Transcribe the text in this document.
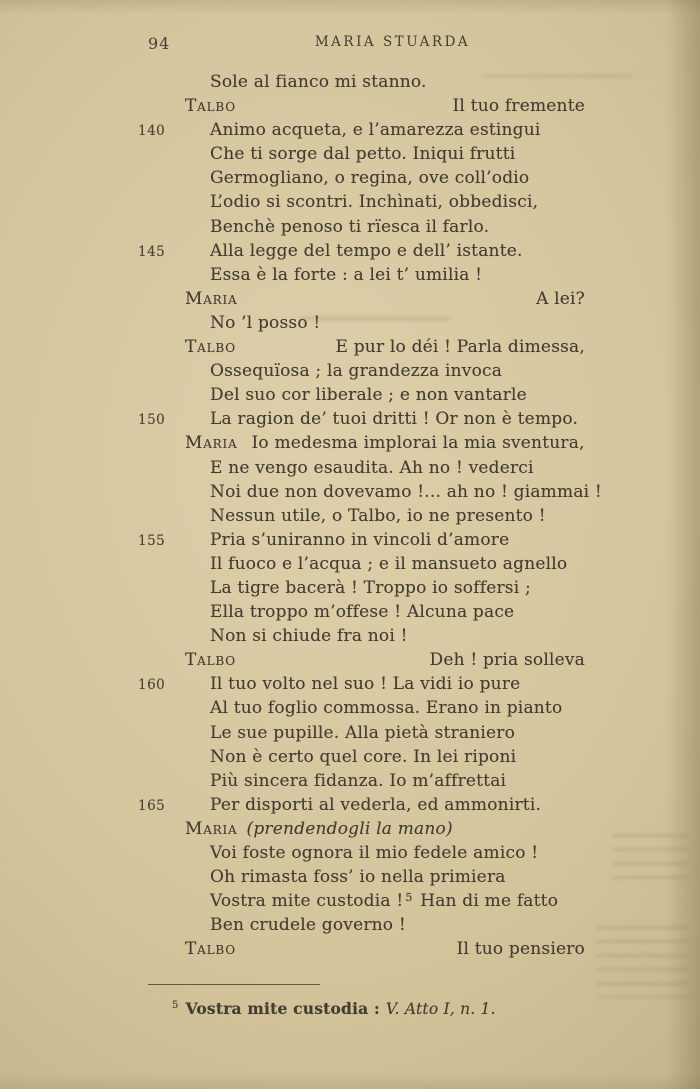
94	MARIA STUARDA
Sole al fianco mi stanno.
Talbo	Il tuo fremente
140	Animo acqueta, e l’amarezza estingui
Che ti sorge dal petto. Iniqui frutti
Germogliano, o regina, ove coll’odio
L’odio si scontri. Inchìnati, obbedisci,
Benchè penoso ti rïesca il farlo.
145	Alla legge del tempo e dell’ istante.
Essa è la forte : a lei t’ umilia !
Maria	A lei?
No ’l posso !
Talbo	E pur lo déi ! Parla dimessa,
Ossequïosa ; la grandezza invoca
Del suo cor liberale ; e non vantarle
150	La ragion de’ tuoi dritti ! Or non è tempo.
Maria Io medesma implorai la mia sventura,
E ne vengo esaudita. Ah no ! vederci
Noi due non dovevamo !... ah no ! giammai !
Nessun utile, o Talbo, io ne presento !
155	Pria s’uniranno in vincoli d’amore
Il fuoco e l’acqua ; e il mansueto agnello
La tigre bacerà ! Troppo io soffersi ;
Ella troppo m’offese ! Alcuna pace
Non si chiude fra noi !
Talbo	Deh ! pria solleva
160	Il tuo volto nel suo ! La vidi io pure
Al tuo foglio commossa. Erano in pianto
Le sue pupille. Alla pietà straniero
Non è certo quel core. In lei riponi
Più sincera fidanza. Io m’affrettai
165	Per disporti al vederla, ed ammonirti.
Maria (prendendogli la mano)
Voi foste ognora il mio fedele amico !
Oh rimasta foss’ io nella primiera
Vostra mite custodia !$^5$ Han di me fatto
Ben crudele governo !
Talbo	Il tuo pensiero
$^5$ Vostra mite custodia : V. Atto I, n. 1.
